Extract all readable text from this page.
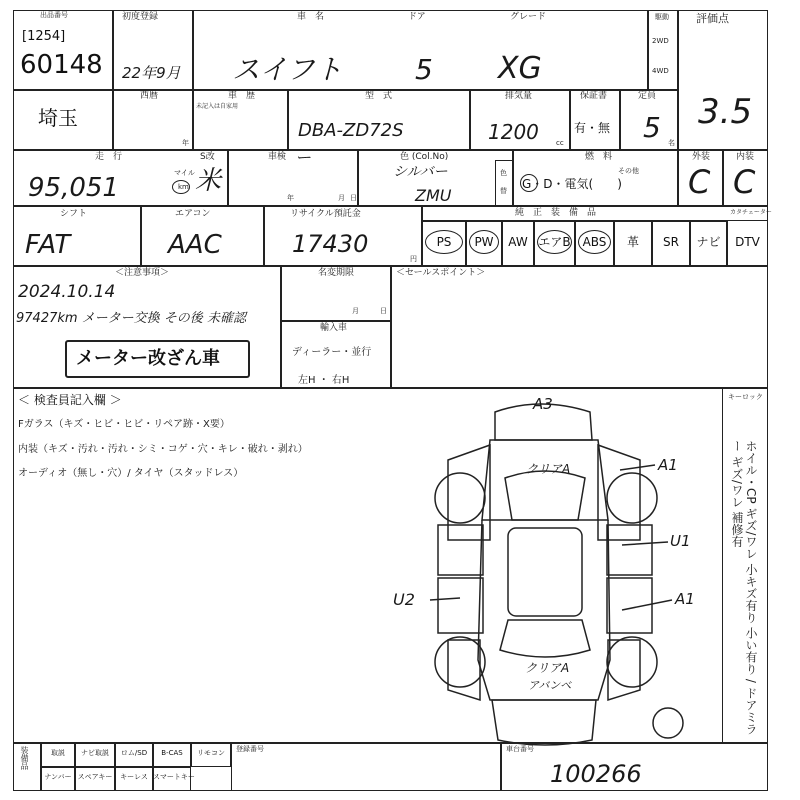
出品番号
[1254]
60148
初度登録
22年9月
車　名	ドア	グレード
スイフト	5 XG
駆動
2WD
4WD
評価点
3.5
埼玉
西暦
年
車　歴
未記入は自家用
型　式
DBA-ZD72S
排気量
1200 cc
保証書
有・無
定員
5 名
走　行	S改
95,051	マイル
km 米
車検 ー
年	月 日
色 (Col.No)
シルバー
ZMU
色
替
燃　料
G・D・電気(　　)
その他
外装
C
内装
C
シフト
FAT
エアコン
AAC
リサイクル預託金
17430
円
純　正　装　備　品	カタチェーター
PS	PW	AW エアB ABS	革	SR	ナビ	DTV
＜注意事項＞
2024.10.14
97427km メーター交換 その後 未確認
メーター改ざん車
名変期限
月	日
輸入車
ディーラー・並行
左H ・ 右H
＜セールスポイント＞
＜ 検査員記入欄 ＞
Fガラス（キズ・ヒビ・ヒビ・リペア跡・X要）
内装（キズ・汚れ・汚れ・シミ・コゲ・穴・キレ・破れ・剥れ）
オーディオ（無し・穴）/ タイヤ（スタッドレス）
キーロック
ホイル・CP ギズ/ワレ 小キズ有り 小い有り / ドアミラー ギズ/ワレ 補修有
A3
クリアA	A1
U1
U2	A1
クリアA
アバンベ
装備品	取説	ナビ取説	ロム/SD	B-CAS	リモコン
ナンバー スペアキー	キーレス スマートキー
登録番号	車台番号
100266
